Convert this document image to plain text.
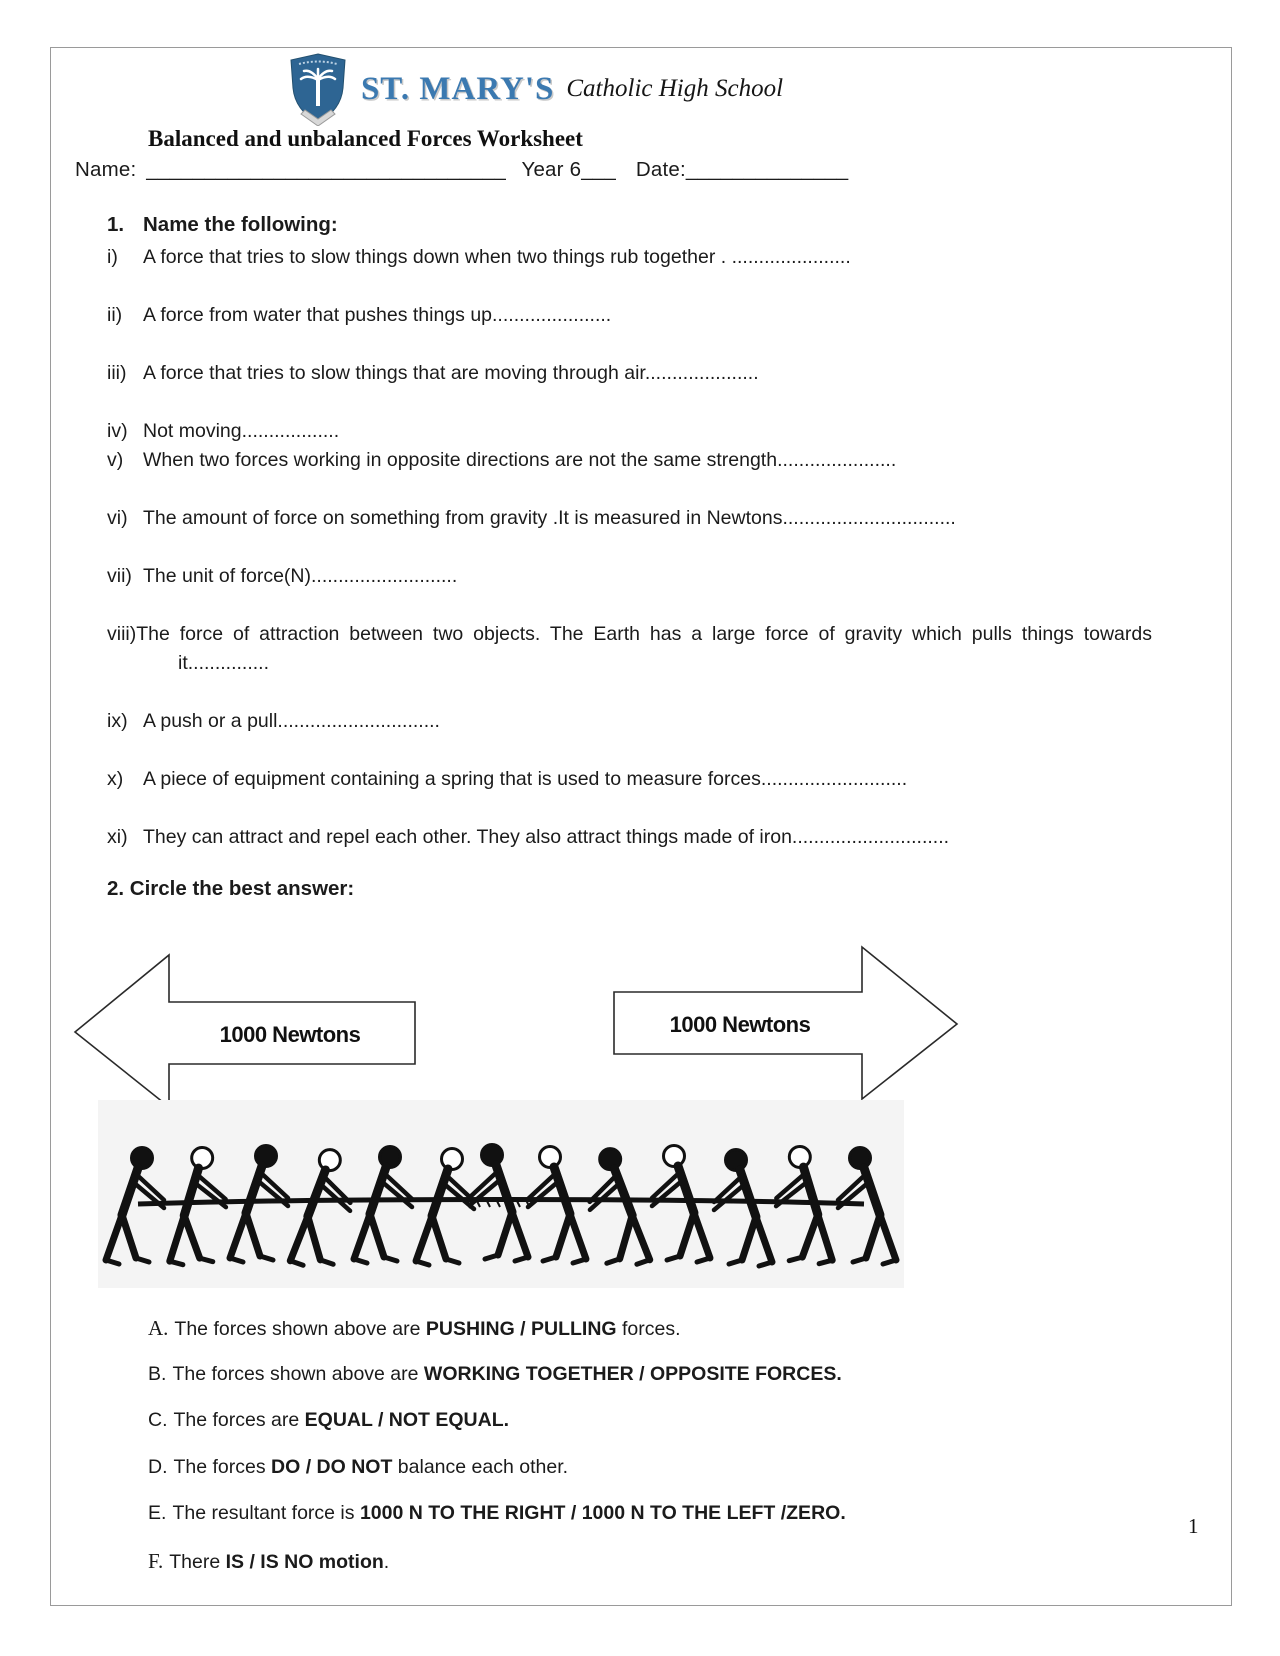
ST. MARY'S Catholic High School
Balanced and unbalanced Forces Worksheet
Name: _______________________________ Year 6___ Date:______________
1. Name the following:
i)	A force that tries to slow things down when two things rub together . ......................
ii)	A force from water that pushes things up......................
iii) A force that tries to slow things that are moving through air.....................
iv) Not moving..................
v)	When two forces working in opposite directions are not the same strength......................
vi) The amount of force on something from gravity .It is measured in Newtons................................
vii) The unit of force(N)...........................
viii)The force of attraction between two objects. The Earth has a large force of gravity which pulls things towards it...............
ix) A push or a pull..............................
x)	A piece of equipment containing a spring that is used to measure forces...........................
xi) They can attract and repel each other. They also attract things made of iron.............................
2. Circle the best answer:
1000 Newtons	1000 Newtons
A. The forces shown above are PUSHING / PULLING forces.
B. The forces shown above are WORKING TOGETHER / OPPOSITE FORCES.
C. The forces are EQUAL / NOT EQUAL.
D. The forces DO / DO NOT balance each other.
E. The resultant force is 1000 N TO THE RIGHT / 1000 N TO THE LEFT /ZERO.
F. There IS / IS NO motion.
1
